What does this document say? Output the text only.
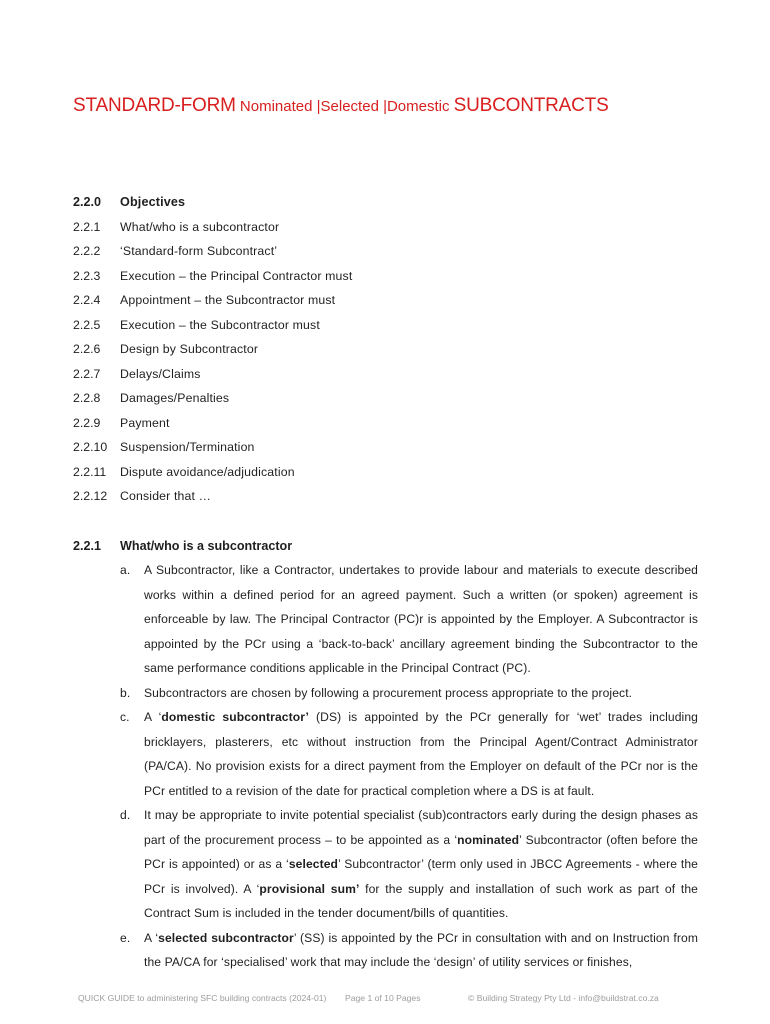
STANDARD-FORM Nominated |Selected |Domestic SUBCONTRACTS
2.2.0 Objectives
2.2.1 What/who is a subcontractor
2.2.2 ‘Standard-form Subcontract’
2.2.3 Execution – the Principal Contractor must
2.2.4 Appointment – the Subcontractor must
2.2.5 Execution – the Subcontractor must
2.2.6 Design by Subcontractor
2.2.7 Delays/Claims
2.2.8 Damages/Penalties
2.2.9 Payment
2.2.10 Suspension/Termination
2.2.11 Dispute avoidance/adjudication
2.2.12 Consider that …
2.2.1 What/who is a subcontractor
a. A Subcontractor, like a Contractor, undertakes to provide labour and materials to execute described works within a defined period for an agreed payment. Such a written (or spoken) agreement is enforceable by law. The Principal Contractor (PC)r is appointed by the Employer. A Subcontractor is appointed by the PCr using a ‘back-to-back’ ancillary agreement binding the Subcontractor to the same performance conditions applicable in the Principal Contract (PC).
b. Subcontractors are chosen by following a procurement process appropriate to the project.
c. A ‘domestic subcontractor’ (DS) is appointed by the PCr generally for ‘wet’ trades including bricklayers, plasterers, etc without instruction from the Principal Agent/Contract Administrator (PA/CA). No provision exists for a direct payment from the Employer on default of the PCr nor is the PCr entitled to a revision of the date for practical completion where a DS is at fault.
d. It may be appropriate to invite potential specialist (sub)contractors early during the design phases as part of the procurement process – to be appointed as a ‘nominated’ Subcontractor (often before the PCr is appointed) or as a ‘selected’ Subcontractor’ (term only used in JBCC Agreements - where the PCr is involved). A ‘provisional sum’ for the supply and installation of such work as part of the Contract Sum is included in the tender document/bills of quantities.
e. A ‘selected subcontractor’ (SS) is appointed by the PCr in consultation with and on Instruction from the PA/CA for ‘specialised’ work that may include the ‘design’ of utility services or finishes,
QUICK GUIDE to administering SFC building contracts (2024-01) Page 1 of 10 Pages	© Building Strategy Pty Ltd - info@buildstrat.co.za
